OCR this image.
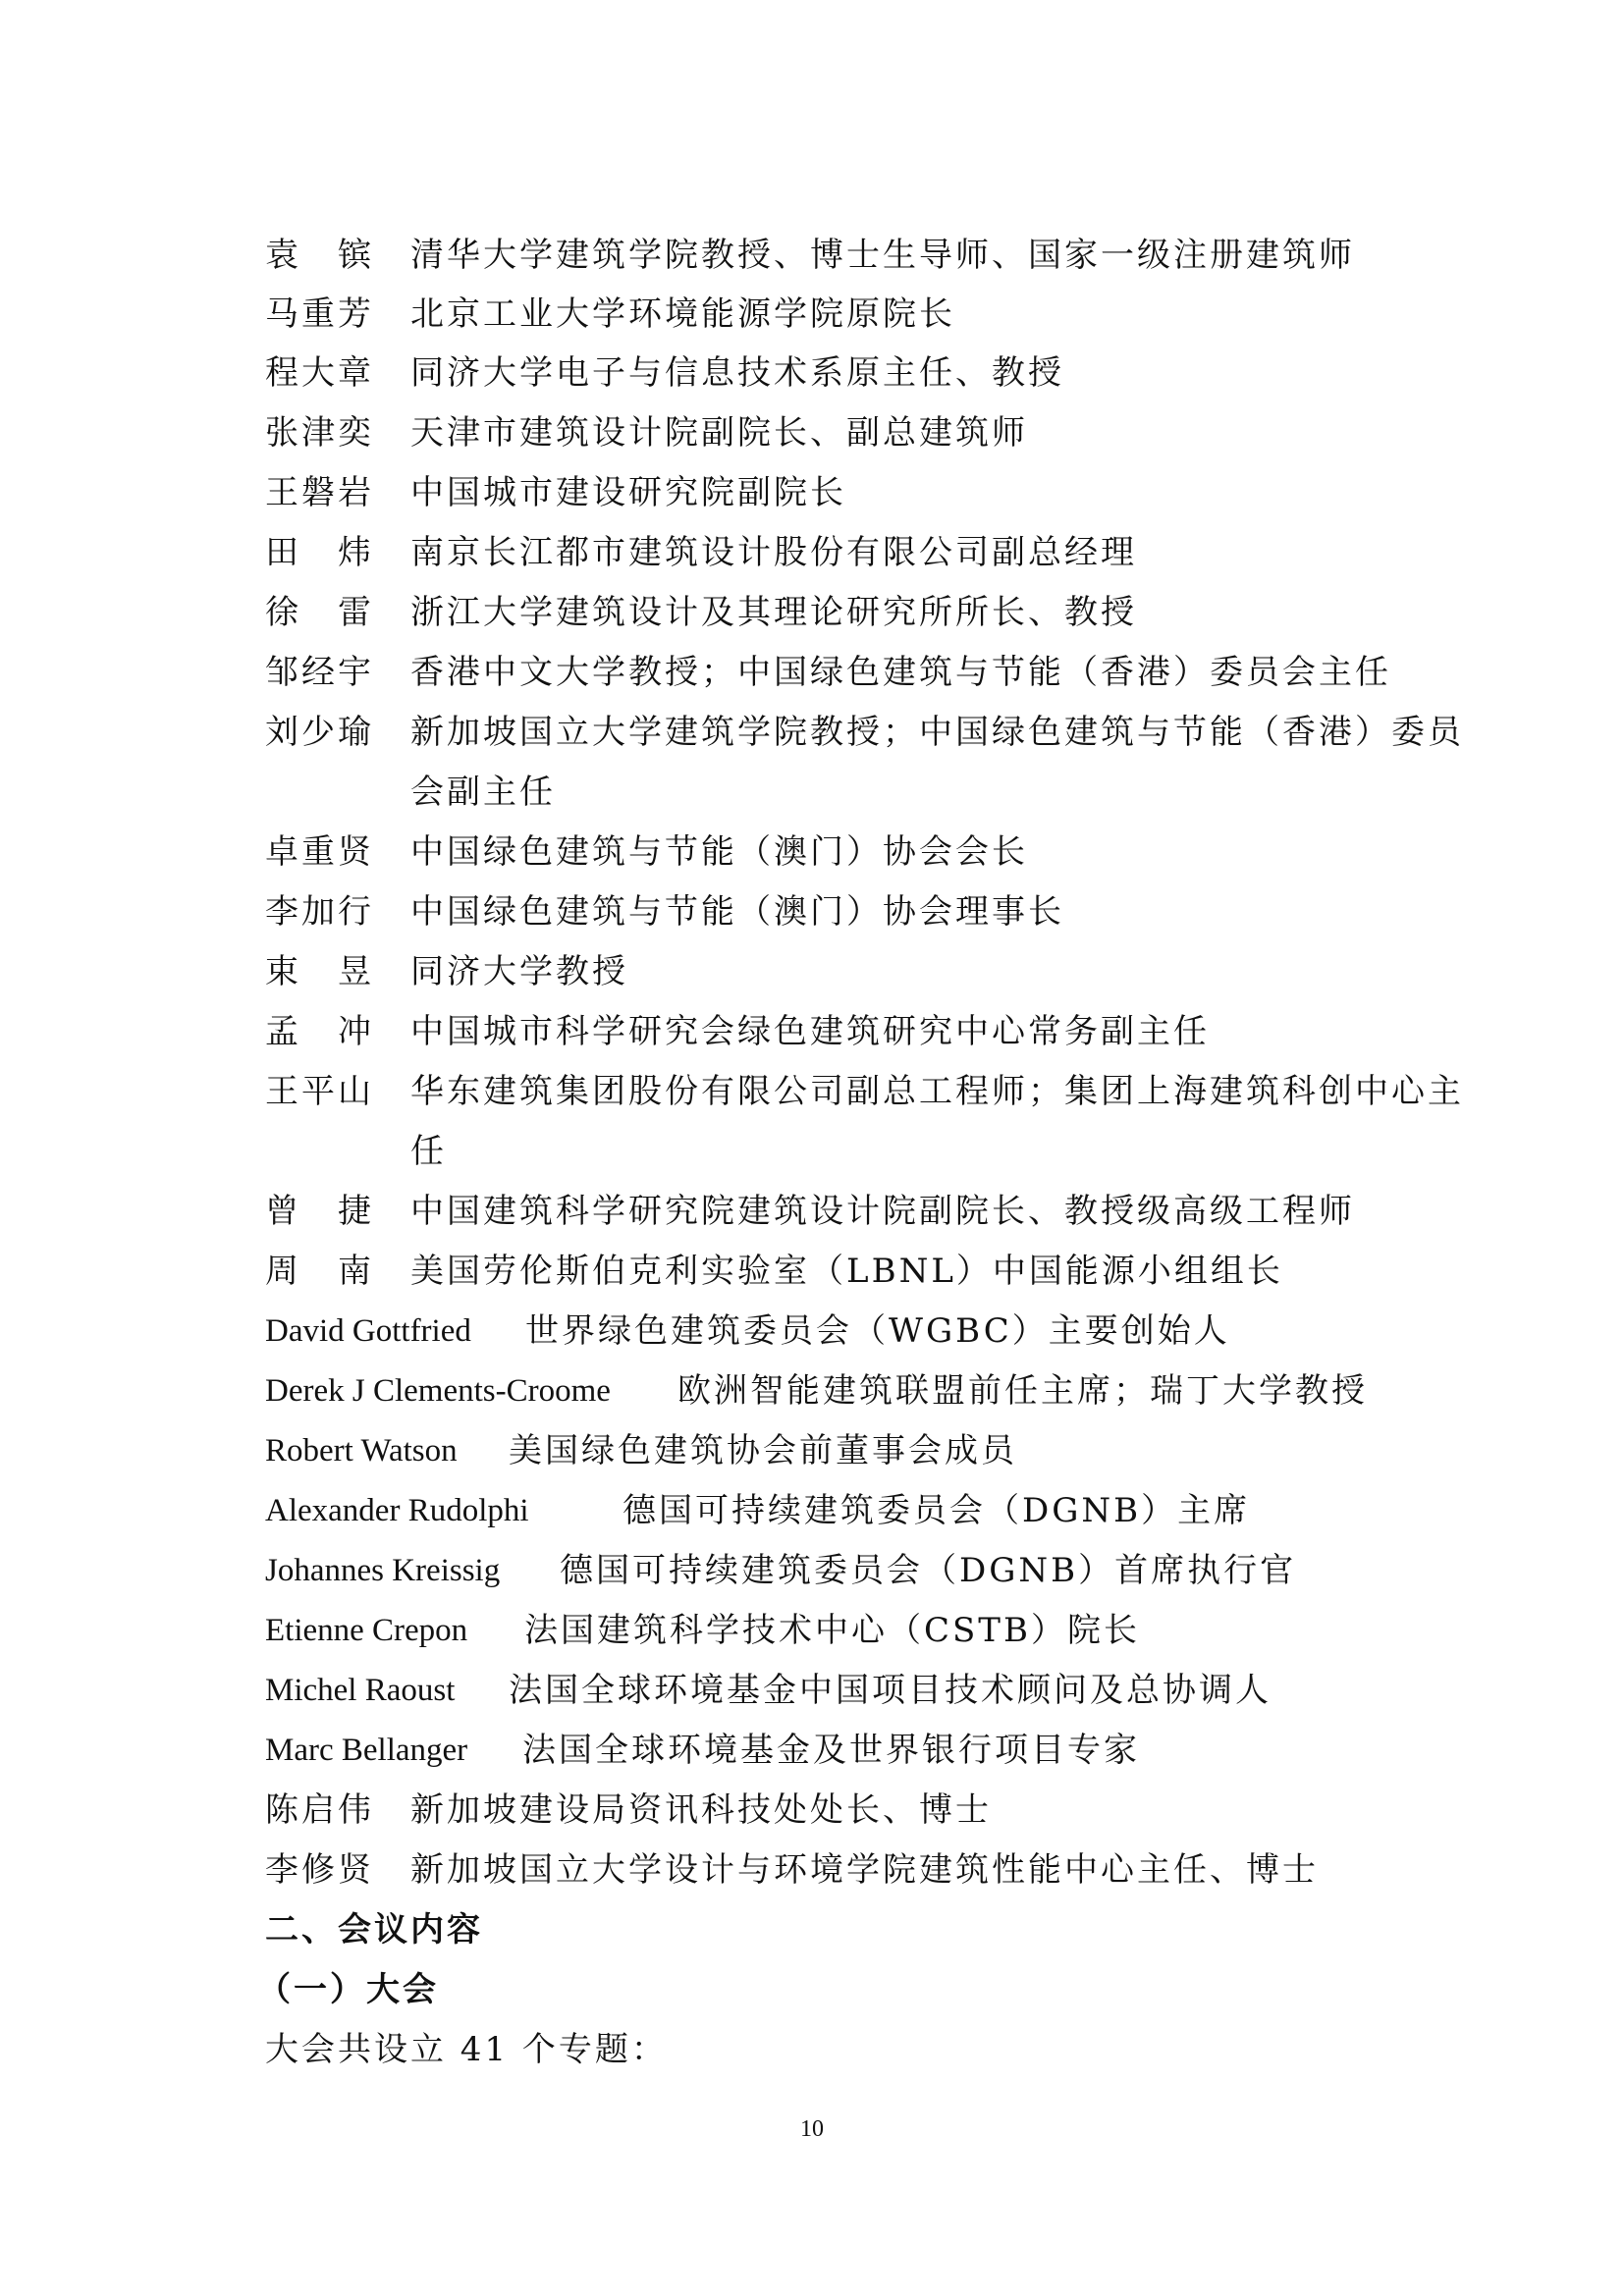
袁　镔 清华大学建筑学院教授、博士生导师、国家一级注册建筑师
马重芳 北京工业大学环境能源学院原院长
程大章 同济大学电子与信息技术系原主任、教授
张津奕 天津市建筑设计院副院长、副总建筑师
王磐岩 中国城市建设研究院副院长
田　炜 南京长江都市建筑设计股份有限公司副总经理
徐　雷 浙江大学建筑设计及其理论研究所所长、教授
邹经宇 香港中文大学教授；中国绿色建筑与节能（香港）委员会主任
刘少瑜 新加坡国立大学建筑学院教授；中国绿色建筑与节能（香港）委员
会副主任
卓重贤 中国绿色建筑与节能（澳门）协会会长
李加行 中国绿色建筑与节能（澳门）协会理事长
束　昱 同济大学教授
孟　冲 中国城市科学研究会绿色建筑研究中心常务副主任
王平山 华东建筑集团股份有限公司副总工程师；集团上海建筑科创中心主
任
曾　捷 中国建筑科学研究院建筑设计院副院长、教授级高级工程师
周　南 美国劳伦斯伯克利实验室（LBNL）中国能源小组组长
David Gottfried 世界绿色建筑委员会（WGBC）主要创始人
Derek J Clements-Croome 欧洲智能建筑联盟前任主席；瑞丁大学教授
Robert Watson 美国绿色建筑协会前董事会成员
Alexander Rudolphi	德国可持续建筑委员会（DGNB）主席
Johannes Kreissig 德国可持续建筑委员会（DGNB）首席执行官
Etienne Crepon 法国建筑科学技术中心（CSTB）院长
Michel Raoust 法国全球环境基金中国项目技术顾问及总协调人
Marc Bellanger 法国全球环境基金及世界银行项目专家
陈启伟 新加坡建设局资讯科技处处长、博士
李修贤 新加坡国立大学设计与环境学院建筑性能中心主任、博士
二、会议内容
（一）大会
大会共设立 41 个专题：
10
